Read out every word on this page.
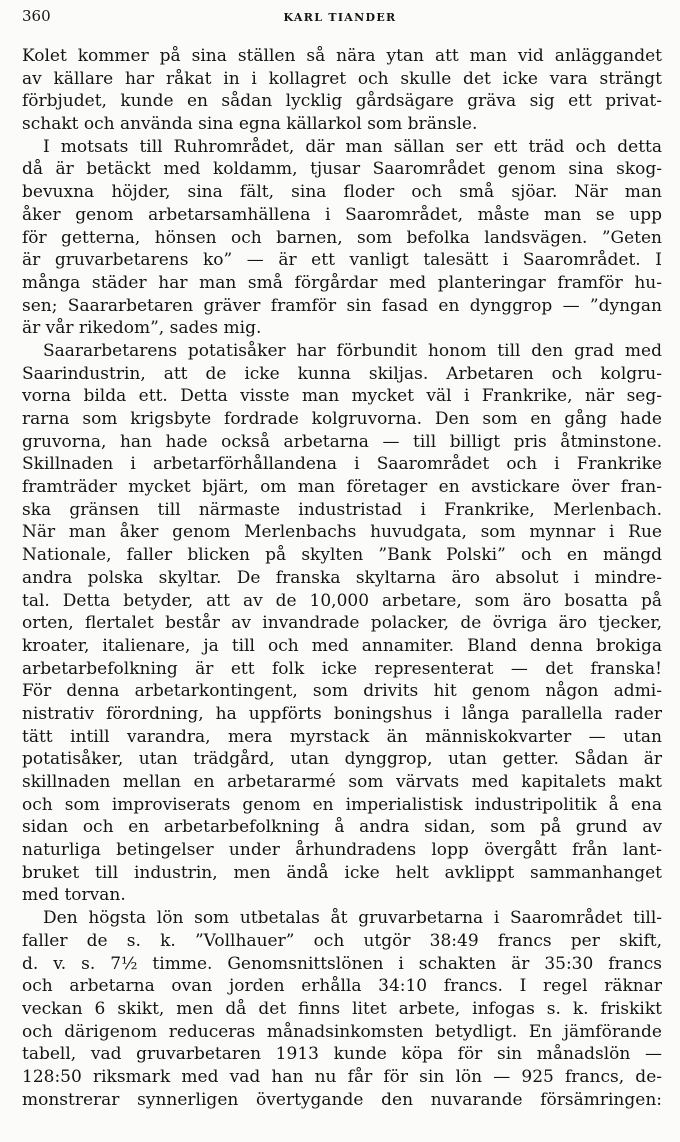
360	KARL TIANDER
Kolet kommer på sina ställen så nära ytan att man vid anläggandet
av källare har råkat in i kollagret och skulle det icke vara strängt
förbjudet, kunde en sådan lycklig gårdsägare gräva sig ett privat-
schakt och använda sina egna källarkol som bränsle.
I motsats till Ruhrområdet, där man sällan ser ett träd och detta
då är betäckt med koldamm, tjusar Saarområdet genom sina skog-
bevuxna höjder, sina fält, sina floder och små sjöar. När man
åker genom arbetarsamhällena i Saarområdet, måste man se upp
för getterna, hönsen och barnen, som befolka landsvägen. ”Geten
är gruvarbetarens ko” — är ett vanligt talesätt i Saarområdet. I
många städer har man små förgårdar med planteringar framför hu-
sen; Saararbetaren gräver framför sin fasad en dynggrop — ”dyngan
är vår rikedom”, sades mig.
Saararbetarens potatisåker har förbundit honom till den grad med
Saarindustrin, att de icke kunna skiljas. Arbetaren och kolgru-
vorna bilda ett. Detta visste man mycket väl i Frankrike, när seg-
rarna som krigsbyte fordrade kolgruvorna. Den som en gång hade
gruvorna, han hade också arbetarna — till billigt pris åtminstone.
Skillnaden i arbetarförhållandena i Saarområdet och i Frankrike
framträder mycket bjärt, om man företager en avstickare över fran-
ska gränsen till närmaste industristad i Frankrike, Merlenbach.
När man åker genom Merlenbachs huvudgata, som mynnar i Rue
Nationale, faller blicken på skylten ”Bank Polski” och en mängd
andra polska skyltar. De franska skyltarna äro absolut i mindre-
tal. Detta betyder, att av de 10,000 arbetare, som äro bosatta på
orten, flertalet består av invandrade polacker, de övriga äro tjecker,
kroater, italienare, ja till och med annamiter. Bland denna brokiga
arbetarbefolkning är ett folk icke representerat — det franska!
För denna arbetarkontingent, som drivits hit genom någon admi-
nistrativ förordning, ha uppförts boningshus i långa parallella rader
tätt intill varandra, mera myrstack än människokvarter — utan
potatisåker, utan trädgård, utan dynggrop, utan getter. Sådan är
skillnaden mellan en arbetararmé som värvats med kapitalets makt
och som improviserats genom en imperialistisk industripolitik å ena
sidan och en arbetarbefolkning å andra sidan, som på grund av
naturliga betingelser under århundradens lopp övergått från lant-
bruket till industrin, men ändå icke helt avklippt sammanhanget
med torvan.
Den högsta lön som utbetalas åt gruvarbetarna i Saarområdet till-
faller de s. k. ”Vollhauer” och utgör 38:49 francs per skift,
d. v. s. 7½ timme. Genomsnittslönen i schakten är 35:30 francs
och arbetarna ovan jorden erhålla 34:10 francs. I regel räknar
veckan 6 skikt, men då det finns litet arbete, infogas s. k. friskikt
och därigenom reduceras månadsinkomsten betydligt. En jämförande
tabell, vad gruvarbetaren 1913 kunde köpa för sin månadslön —
128:50 riksmark med vad han nu får för sin lön — 925 francs, de-
monstrerar synnerligen övertygande den nuvarande försämringen:
